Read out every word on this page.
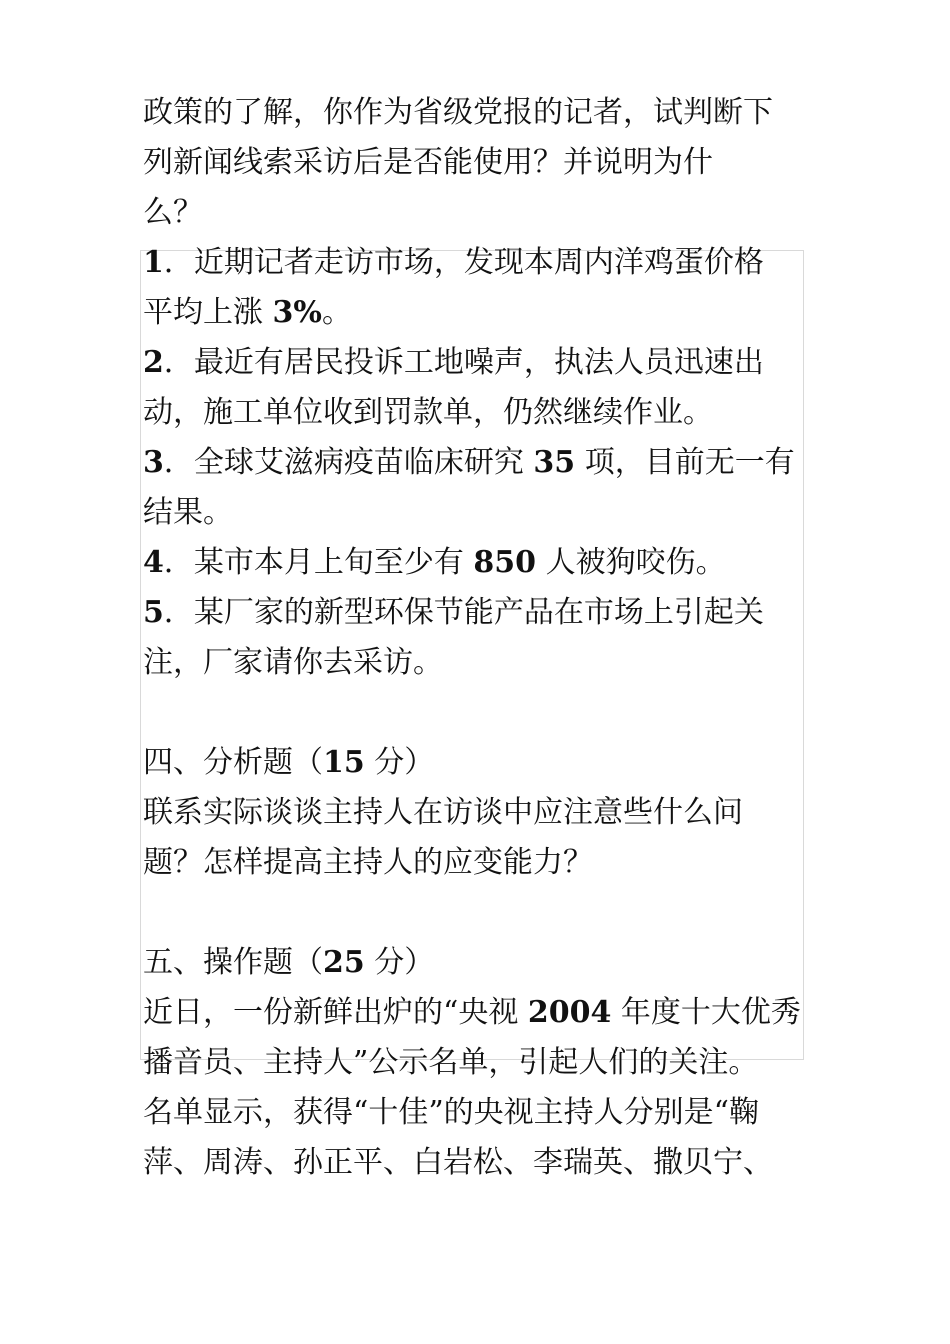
政策的了解，你作为省级党报的记者，试判断下
列新闻线索采访后是否能使用？并说明为什
么？
1．近期记者走访市场，发现本周内洋鸡蛋价格
平均上涨 3%。
2．最近有居民投诉工地噪声，执法人员迅速出
动，施工单位收到罚款单，仍然继续作业。
3．全球艾滋病疫苗临床研究 35 项，目前无一有
结果。
4．某市本月上旬至少有 850 人被狗咬伤。
5．某厂家的新型环保节能产品在市场上引起关
注，厂家请你去采访。
四、分析题（15 分）
联系实际谈谈主持人在访谈中应注意些什么问
题？怎样提高主持人的应变能力？
五、操作题（25 分）
近日，一份新鲜出炉的“央视 2004 年度十大优秀
播音员、主持人”公示名单，引起人们的关注。
名单显示，获得“十佳”的央视主持人分别是“鞠
萍、周涛、孙正平、白岩松、李瑞英、撒贝宁、
